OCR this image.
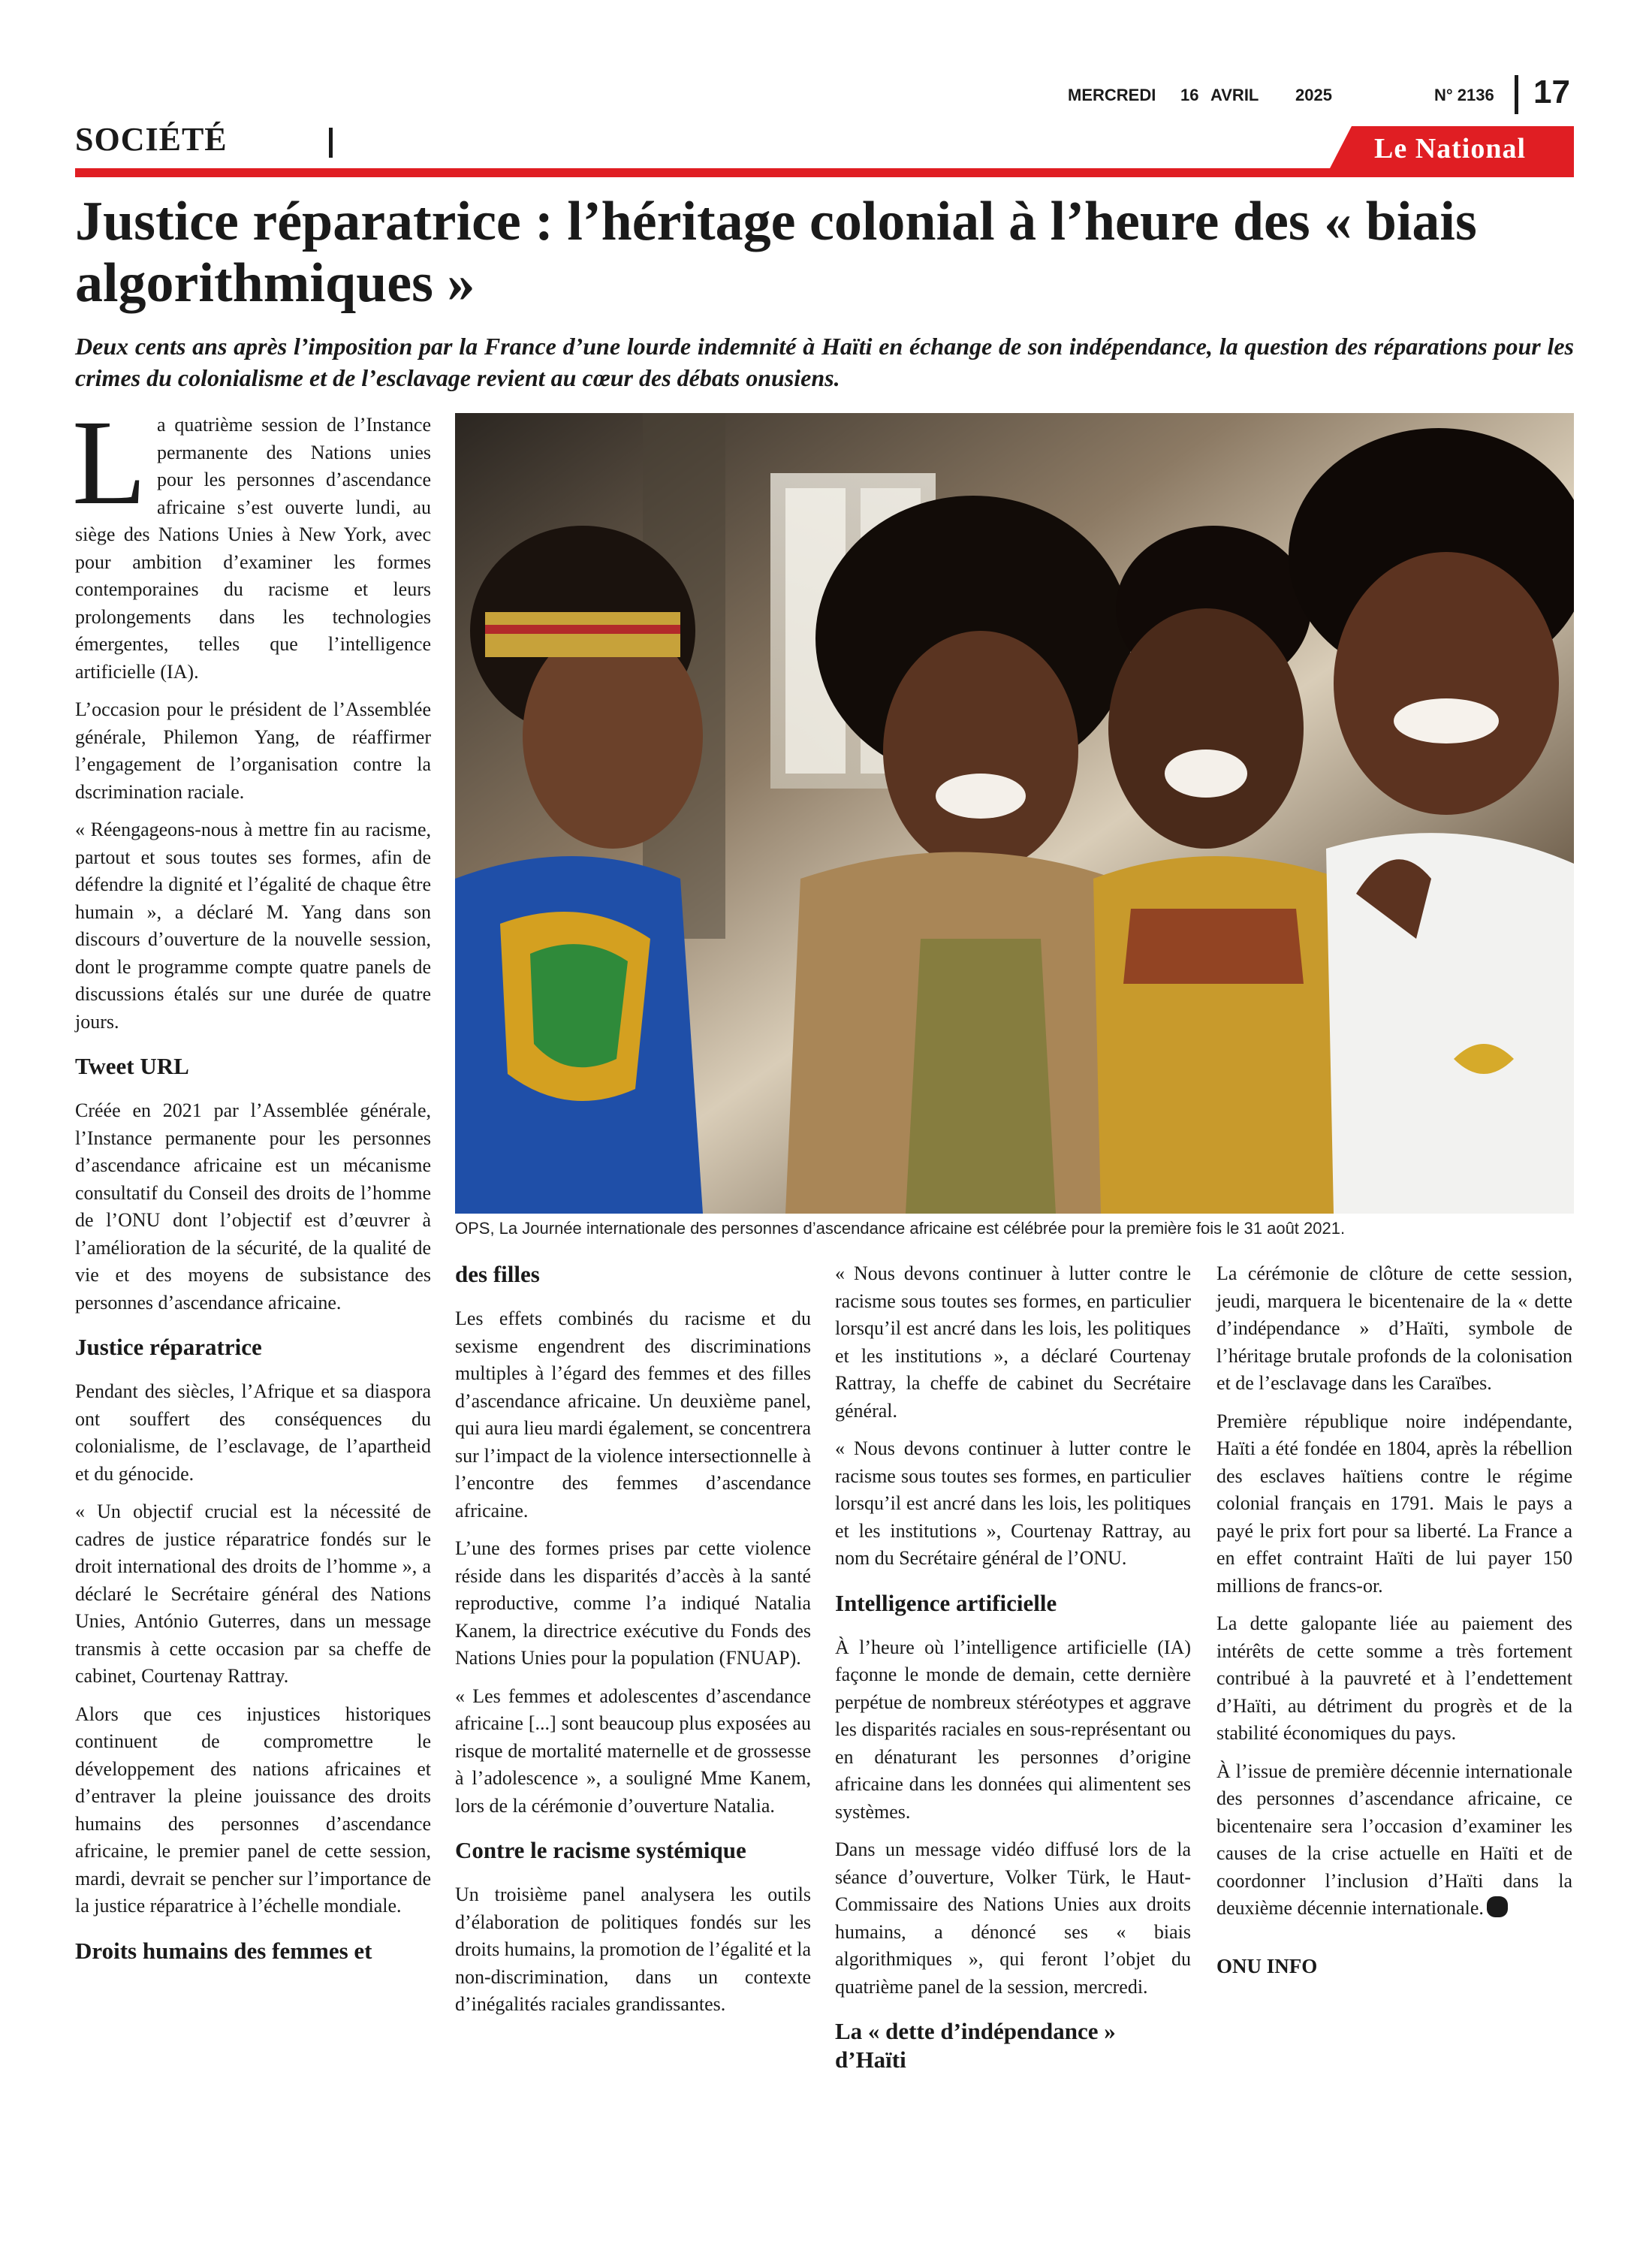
MERCREDI 16 AVRIL 2025	N° 2136 17
SOCIÉTÉ	Le National
Justice réparatrice : l’héritage colonial à l’heure des « biais algorithmiques »
Deux cents ans après l’imposition par la France d’une lourde indemnité à Haïti en échange de son indépendance, la question des réparations pour les crimes du colonialisme et de l’esclavage revient au cœur des débats onusiens.

La quatrième session de l’Instance permanente des Nations unies pour les personnes d’ascendance africaine s’est ouverte lundi, au siège des Nations Unies à New York, avec pour ambition d’examiner les formes contemporaines du racisme et leurs prolongements dans les technologies émergentes, telles que l’intelligence artificielle (IA).

L’occasion pour le président de l’Assemblée générale, Philemon Yang, de réaffirmer l’engagement de l’organisation contre la dscrimination raciale.

« Réengageons-nous à mettre fin au racisme, partout et sous toutes ses formes, afin de défendre la dignité et l’égalité de chaque être humain », a déclaré M. Yang dans son discours d’ouverture de la nouvelle session, dont le programme compte quatre panels de discussions étalés sur une durée de quatre jours.

Tweet URL

Créée en 2021 par l’Assemblée générale, l’Instance permanente pour les personnes d’ascendance africaine est un mécanisme consultatif du Conseil des droits de l’homme de l’ONU dont l’objectif est d’œuvrer à l’amélioration de la sécurité, de la qualité de vie et des moyens de subsistance des personnes d’ascendance africaine.

Justice réparatrice

Pendant des siècles, l’Afrique et sa diaspora ont souffert des conséquences du colonialisme, de l’esclavage, de l’apartheid et du génocide.

« Un objectif crucial est la nécessité de cadres de justice réparatrice fondés sur le droit international des droits de l’homme », a déclaré le Secrétaire général des Nations Unies, António Guterres, dans un message transmis à cette occasion par sa cheffe de cabinet, Courtenay Rattray.

Alors que ces injustices historiques continuent de compromettre le développement des nations africaines et d’entraver la pleine jouissance des droits humains des personnes d’ascendance africaine, le premier panel de cette session, mardi, devrait se pencher sur l’importance de la justice réparatrice à l’échelle mondiale.

Droits humains des femmes et
OPS, La Journée internationale des personnes d’ascendance africaine est célébrée pour la première fois le 31 août 2021.
des filles

Les effets combinés du racisme et du sexisme engendrent des discriminations multiples à l’égard des femmes et des filles d’ascendance africaine. Un deuxième panel, qui aura lieu mardi également, se concentrera sur l’impact de la violence intersectionnelle à l’encontre des femmes d’ascendance africaine.

L’une des formes prises par cette violence réside dans les disparités d’accès à la santé reproductive, comme l’a indiqué Natalia Kanem, la directrice exécutive du Fonds des Nations Unies pour la population (FNUAP).

« Les femmes et adolescentes d’ascendance africaine [...] sont beaucoup plus exposées au risque de mortalité maternelle et de grossesse à l’adolescence », a souligné Mme Kanem, lors de la cérémonie d’ouverture Natalia.

Contre le racisme systémique

Un troisième panel analysera les outils d’élaboration de politiques fondés sur les droits humains, la promotion de l’égalité et la non-discrimination, dans un contexte d’inégalités raciales grandissantes.

« Nous devons continuer à lutter contre le racisme sous toutes ses formes, en particulier lorsqu’il est ancré dans les lois, les politiques et les institutions », a déclaré Courtenay Rattray, la cheffe de cabinet du Secrétaire général.

« Nous devons continuer à lutter contre le racisme sous toutes ses formes, en particulier lorsqu’il est ancré dans les lois, les politiques et les institutions », Courtenay Rattray, au nom du Secrétaire général de l’ONU.

Intelligence artificielle

À l’heure où l’intelligence artificielle (IA) façonne le monde de demain, cette dernière perpétue de nombreux stéréotypes et aggrave les disparités raciales en sous-représentant ou en dénaturant les personnes d’origine africaine dans les données qui alimentent ses systèmes.

Dans un message vidéo diffusé lors de la séance d’ouverture, Volker Türk, le Haut-Commissaire des Nations Unies aux droits humains, a dénoncé ses « biais algorithmiques », qui feront l’objet du quatrième panel de la session, mercredi.

La « dette d’indépendance » d’Haïti

La cérémonie de clôture de cette session, jeudi, marquera le bicentenaire de la « dette d’indépendance » d’Haïti, symbole de l’héritage brutale profonds de la colonisation et de l’esclavage dans les Caraïbes.

Première république noire indépendante, Haïti a été fondée en 1804, après la rébellion des esclaves haïtiens contre le régime colonial français en 1791. Mais le pays a payé le prix fort pour sa liberté. La France a en effet contraint Haïti de lui payer 150 millions de francs-or.

La dette galopante liée au paiement des intérêts de cette somme a très fortement contribué à la pauvreté et à l’endettement d’Haïti, au détriment du progrès et de la stabilité économiques du pays.

À l’issue de première décennie internationale des personnes d’ascendance africaine, ce bicentenaire sera l’occasion d’examiner les causes de la crise actuelle en Haïti et de coordonner l’inclusion d’Haïti dans la deuxième décennie internationale.

ONU INFO
